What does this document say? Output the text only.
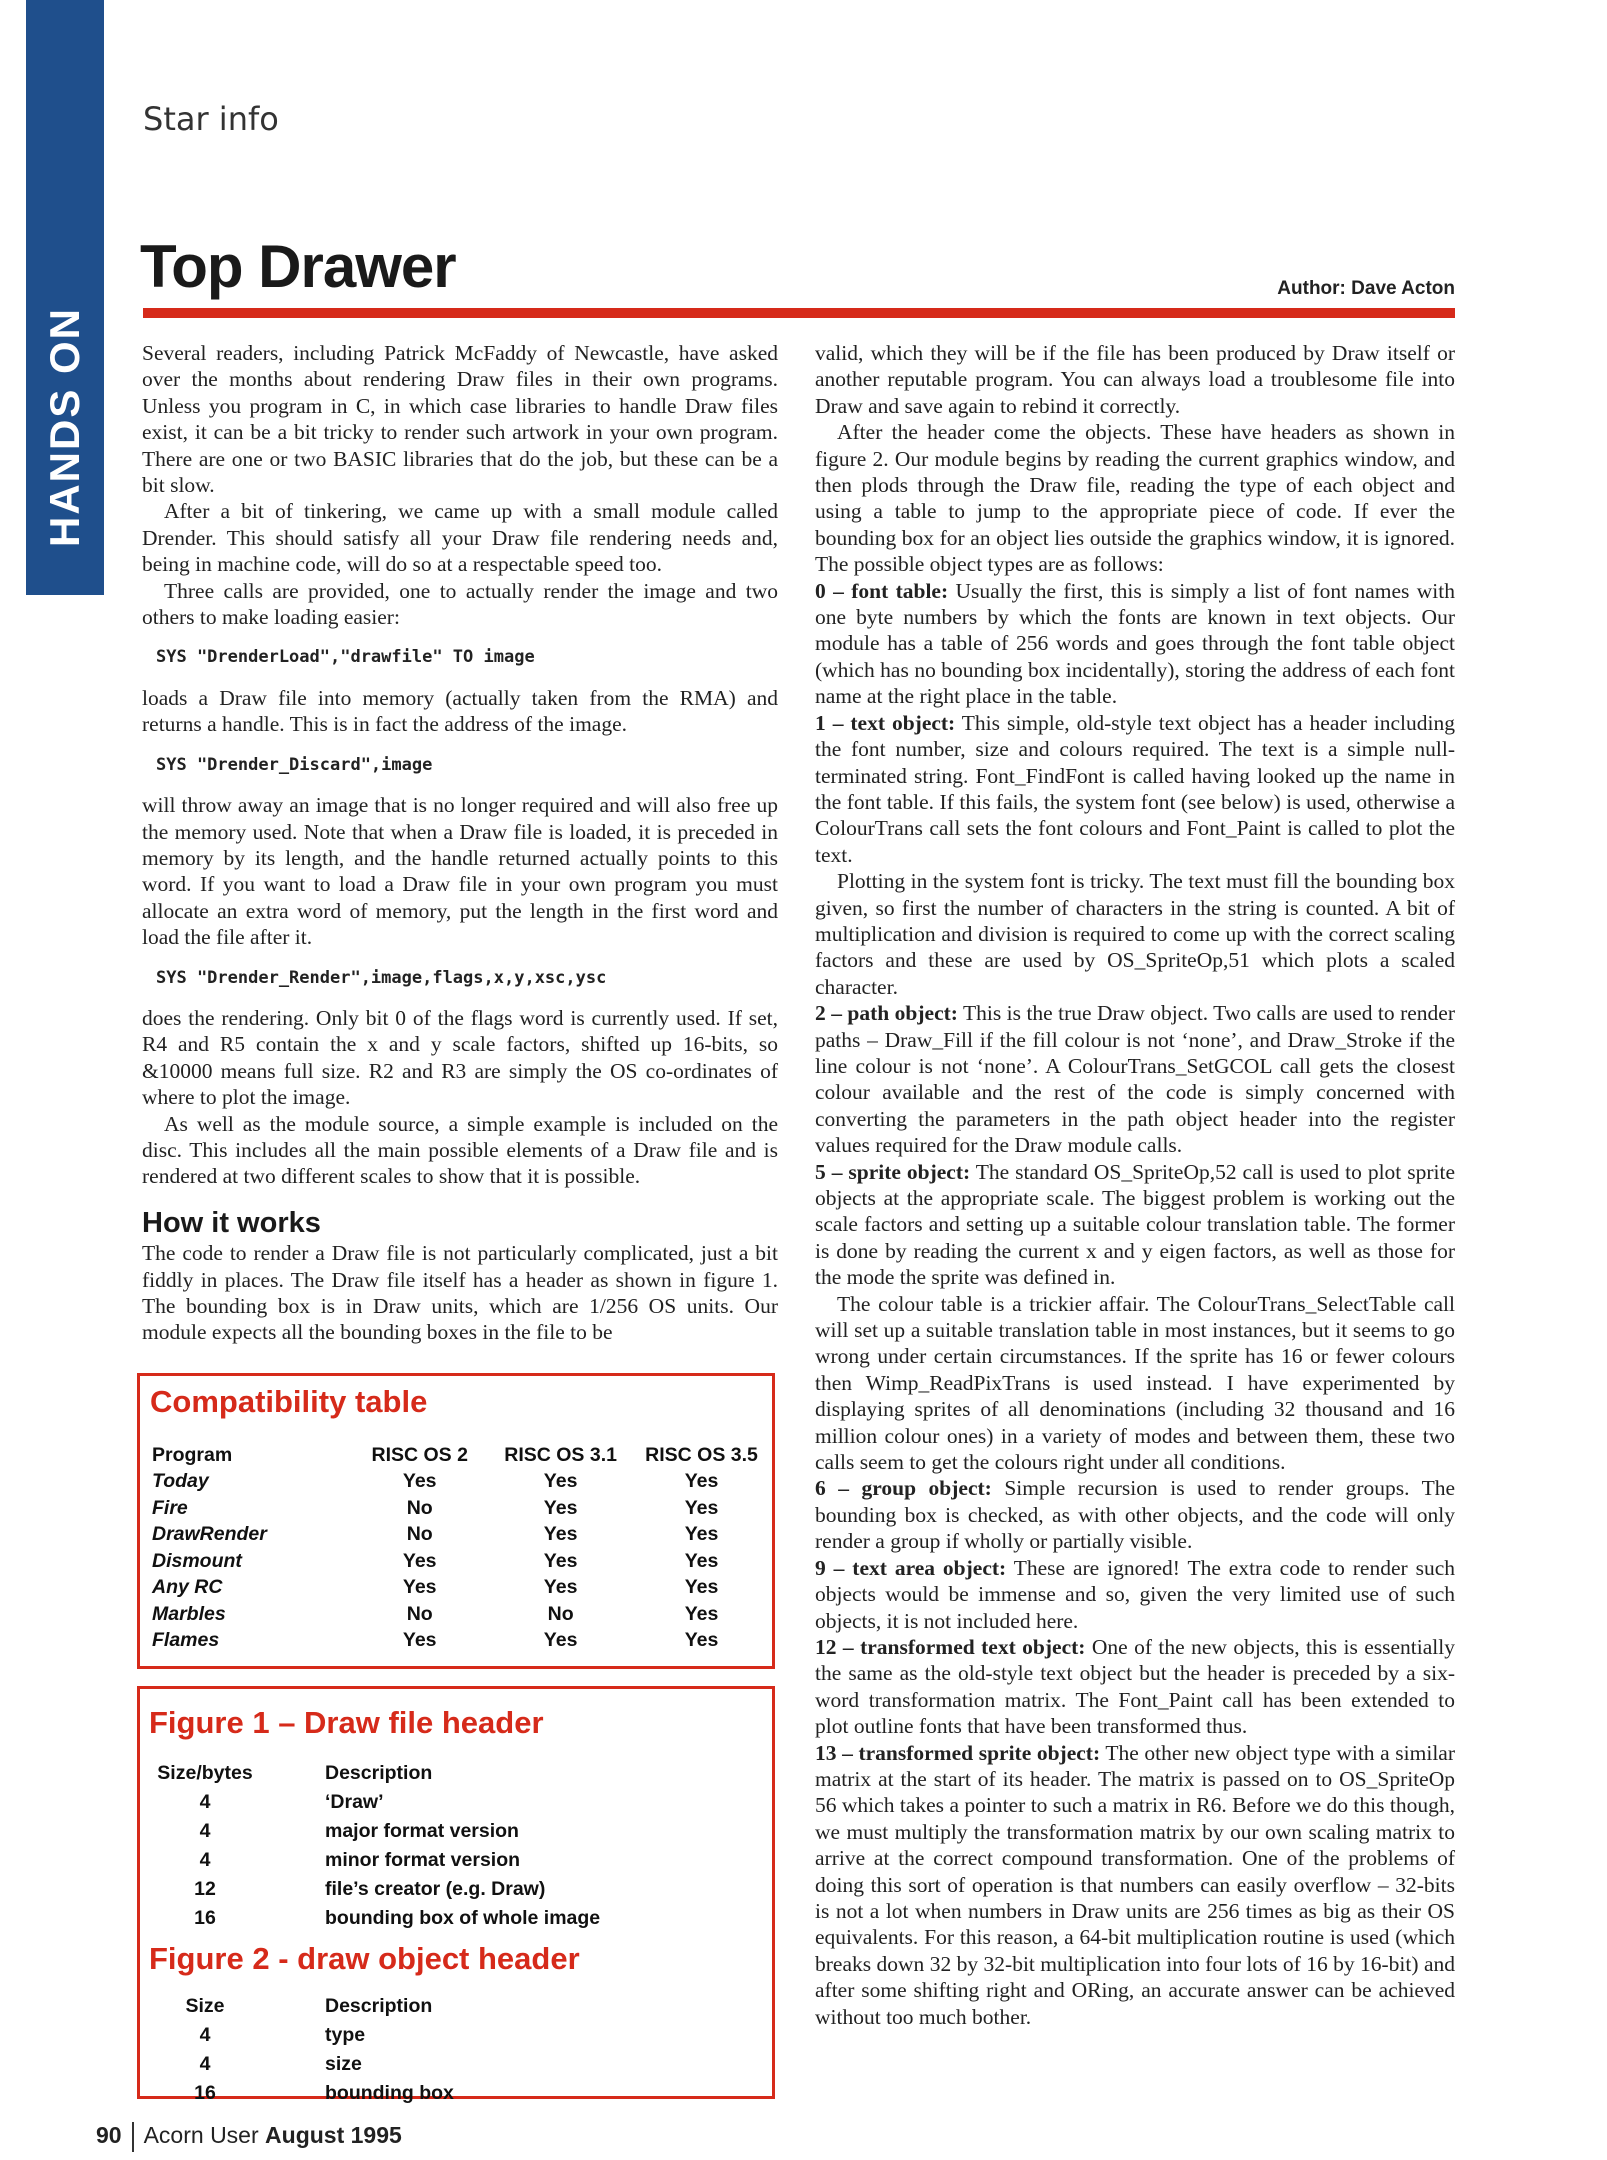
HANDS ON
Star info
Top Drawer	Author: Dave Acton

Several readers, including Patrick McFaddy of Newcastle, have asked over the months about rendering Draw files in their own programs. Unless you program in C, in which case libraries to handle Draw files exist, it can be a bit tricky to render such artwork in your own program. There are one or two BASIC libraries that do the job, but these can be a bit slow.

After a bit of tinkering, we came up with a small module called Drender. This should satisfy all your Draw file rendering needs and, being in machine code, will do so at a respectable speed too.

Three calls are provided, one to actually render the image and two others to make loading easier:

SYS "DrenderLoad","drawfile" TO image

loads a Draw file into memory (actually taken from the RMA) and returns a handle. This is in fact the address of the image.

SYS "Drender_Discard",image

will throw away an image that is no longer required and will also free up the memory used. Note that when a Draw file is loaded, it is preceded in memory by its length, and the handle returned actually points to this word. If you want to load a Draw file in your own program you must allocate an extra word of memory, put the length in the first word and load the file after it.

SYS "Drender_Render",image,flags,x,y,xsc,ysc

does the rendering. Only bit 0 of the flags word is currently used. If set, R4 and R5 contain the x and y scale factors, shifted up 16-bits, so &10000 means full size. R2 and R3 are simply the OS co-ordinates of where to plot the image.

As well as the module source, a simple example is included on the disc. This includes all the main possible elements of a Draw file and is rendered at two different scales to show that it is possible.

How it works

The code to render a Draw file is not particularly complicated, just a bit fiddly in places. The Draw file itself has a header as shown in figure 1. The bounding box is in Draw units, which are 1/256 OS units. Our module expects all the bounding boxes in the file to be

valid, which they will be if the file has been produced by Draw itself or another reputable program. You can always load a troublesome file into Draw and save again to rebind it correctly.

After the header come the objects. These have headers as shown in figure 2. Our module begins by reading the current graphics window, and then plods through the Draw file, reading the type of each object and using a table to jump to the appropriate piece of code. If ever the bounding box for an object lies outside the graphics window, it is ignored. The possible object types are as follows:

0 – font table: Usually the first, this is simply a list of font names with one byte numbers by which the fonts are known in text objects. Our module has a table of 256 words and goes through the font table object (which has no bounding box incidentally), storing the address of each font name at the right place in the table.

1 – text object: This simple, old-style text object has a header including the font number, size and colours required. The text is a simple null-terminated string. Font_FindFont is called having looked up the name in the font table. If this fails, the system font (see below) is used, otherwise a ColourTrans call sets the font colours and Font_Paint is called to plot the text.

Plotting in the system font is tricky. The text must fill the bounding box given, so first the number of characters in the string is counted. A bit of multiplication and division is required to come up with the correct scaling factors and these are used by OS_SpriteOp,51 which plots a scaled character.

2 – path object: This is the true Draw object. Two calls are used to render paths – Draw_Fill if the fill colour is not ‘none’, and Draw_Stroke if the line colour is not ‘none’. A ColourTrans_SetGCOL call gets the closest colour available and the rest of the code is simply concerned with converting the parameters in the path object header into the register values required for the Draw module calls.

5 – sprite object: The standard OS_SpriteOp,52 call is used to plot sprite objects at the appropriate scale. The biggest problem is working out the scale factors and setting up a suitable colour translation table. The former is done by reading the current x and y eigen factors, as well as those for the mode the sprite was defined in.

The colour table is a trickier affair. The ColourTrans_SelectTable call will set up a suitable translation table in most instances, but it seems to go wrong under certain circumstances. If the sprite has 16 or fewer colours then Wimp_ReadPixTrans is used instead. I have experimented by displaying sprites of all denominations (including 32 thousand and 16 million colour ones) in a variety of modes and between them, these two calls seem to get the colours right under all conditions.

6 – group object: Simple recursion is used to render groups. The bounding box is checked, as with other objects, and the code will only render a group if wholly or partially visible.

9 – text area object: These are ignored! The extra code to render such objects would be immense and so, given the very limited use of such objects, it is not included here.

12 – transformed text object: One of the new objects, this is essentially the same as the old-style text object but the header is preceded by a six-word transformation matrix. The Font_Paint call has been extended to plot outline fonts that have been transformed thus.

13 – transformed sprite object: The other new object type with a similar matrix at the start of its header. The matrix is passed on to OS_SpriteOp 56 which takes a pointer to such a matrix in R6. Before we do this though, we must multiply the transformation matrix by our own scaling matrix to arrive at the correct compound transformation. One of the problems of doing this sort of operation is that numbers can easily overflow – 32-bits is not a lot when numbers in Draw units are 256 times as big as their OS equivalents. For this reason, a 64-bit multiplication routine is used (which breaks down 32 by 32-bit multiplication into four lots of 16 by 16-bit) and after some shifting right and ORing, an accurate answer can be achieved without too much bother.

Compatibility table
Program	RISC OS 2	RISC OS 3.1	RISC OS 3.5
Today	Yes	Yes	Yes
Fire	No	Yes	Yes
DrawRender	No	Yes	Yes
Dismount	Yes	Yes	Yes
Any RC	Yes	Yes	Yes
Marbles	No	No	Yes
Flames	Yes	Yes	Yes
Figure 1 – Draw file header
Size/bytes	Description
4	‘Draw’
4	major format version
4	minor format version
12	file’s creator (e.g. Draw)
16	bounding box of whole image
Figure 2 - draw object header
Size	Description
4	type
4	size
16	bounding box
90 Acorn User August 1995
